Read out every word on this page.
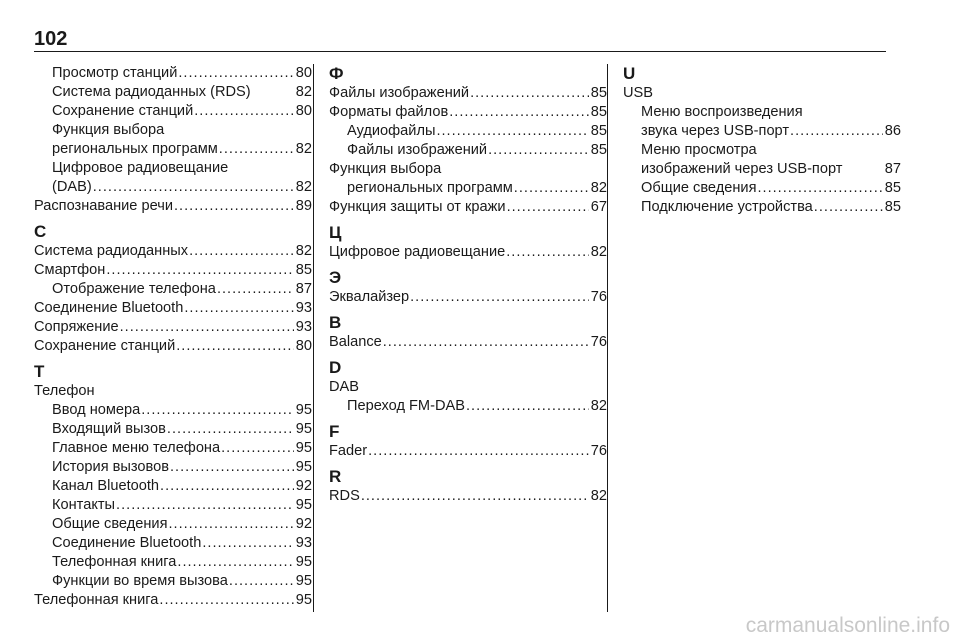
102
Просмотр станций .....	80
Система радиоданных (RDS)	82
Сохранение станций .....	80
Функция выбора
региональных программ .....	82
Цифровое радиовещание
(DAB) .....	82
Распознавание речи .....	89
С
Система радиоданных .....	82
Смартфон .....	85
Отображение телефона .....	87
Соединение Bluetooth .....	93
Сопряжение .....	93
Сохранение станций .....	80
Т
Телефон
Ввод номера .....	95
Входящий вызов .....	95
Главное меню телефона .....	95
История вызовов .....	95
Канал Bluetooth .....	92
Контакты .....	95
Общие сведения .....	92
Соединение Bluetooth .....	93
Телефонная книга .....	95
Функции во время вызова .....	95
Телефонная книга .....	95
Ф
Файлы изображений .....	85
Форматы файлов .....	85
Аудиофайлы .....	85
Файлы изображений .....	85
Функция выбора
региональных программ .....	82
Функция защиты от кражи .....	67
Ц
Цифровое радиовещание .....	82
Э
Эквалайзер .....	76
B
Balance .....	76
D
DAB
Переход FM-DAB .....	82
F
Fader .....	76
R
RDS .....	82
U
USB
Меню воспроизведения
звука через USB-порт .....	86
Меню просмотра
изображений через USB-порт	87
Общие сведения .....	85
Подключение устройства .....	85
carmanualsonline.info
